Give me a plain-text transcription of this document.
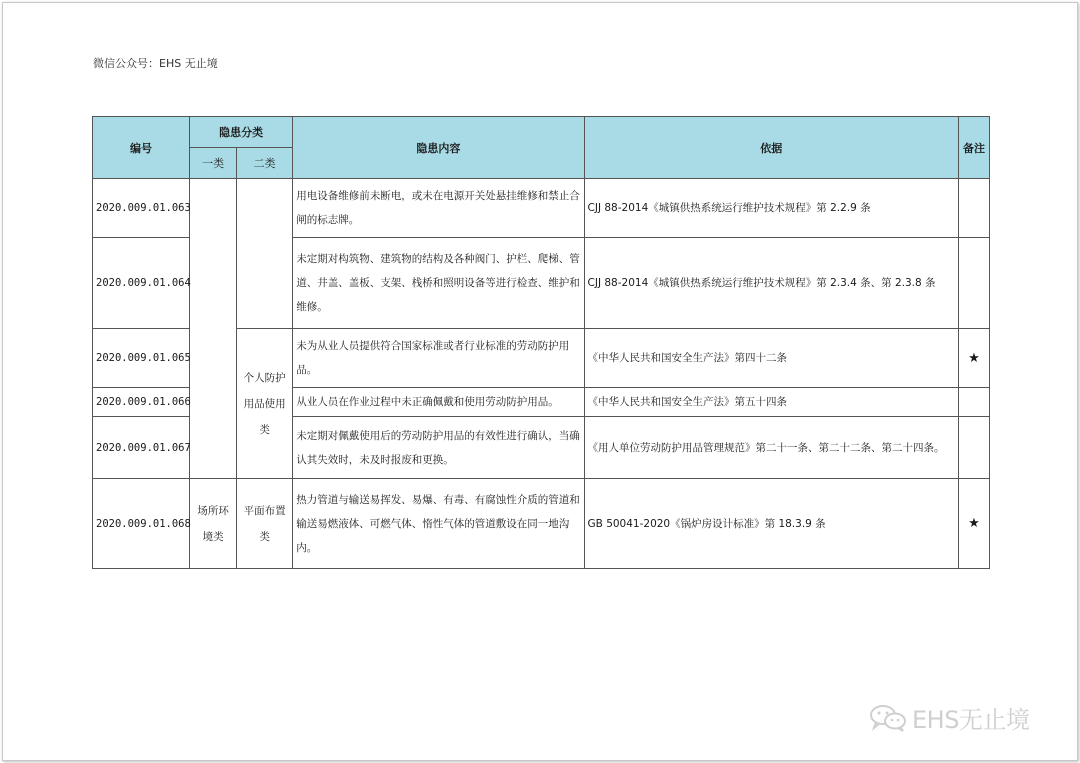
微信公众号：EHS 无止境
编号	隐患分类		隐患内容	依据	备注
	一类	二类			
2020.009.01.063			用电设备维修前未断电，或未在电源开关处悬挂维修和禁止合闸的标志牌。	CJJ 88-2014《城镇供热系统运行维护技术规程》第 2.2.9 条	
2020.009.01.064			未定期对构筑物、建筑物的结构及各种阀门、护栏、爬梯、管道、井盖、盖板、支架、栈桥和照明设备等进行检查、维护和维修。	CJJ 88-2014《城镇供热系统运行维护技术规程》第 2.3.4 条、第 2.3.8 条	
2020.009.01.065		个人防护用品使用类	未为从业人员提供符合国家标准或者行业标准的劳动防护用品。	《中华人民共和国安全生产法》第四十二条	★
2020.009.01.066			从业人员在作业过程中未正确佩戴和使用劳动防护用品。	《中华人民共和国安全生产法》第五十四条	
2020.009.01.067			未定期对佩戴使用后的劳动防护用品的有效性进行确认，当确认其失效时，未及时报废和更换。	《用人单位劳动防护用品管理规范》第二十一条、第二十二条、第二十四条。	
2020.009.01.068	场所环境类	平面布置类	热力管道与输送易挥发、易爆、有毒、有腐蚀性介质的管道和输送易燃液体、可燃气体、惰性气体的管道敷设在同一地沟内。	GB 50041-2020《锅炉房设计标准》第 18.3.9 条	★
EHS无止境
